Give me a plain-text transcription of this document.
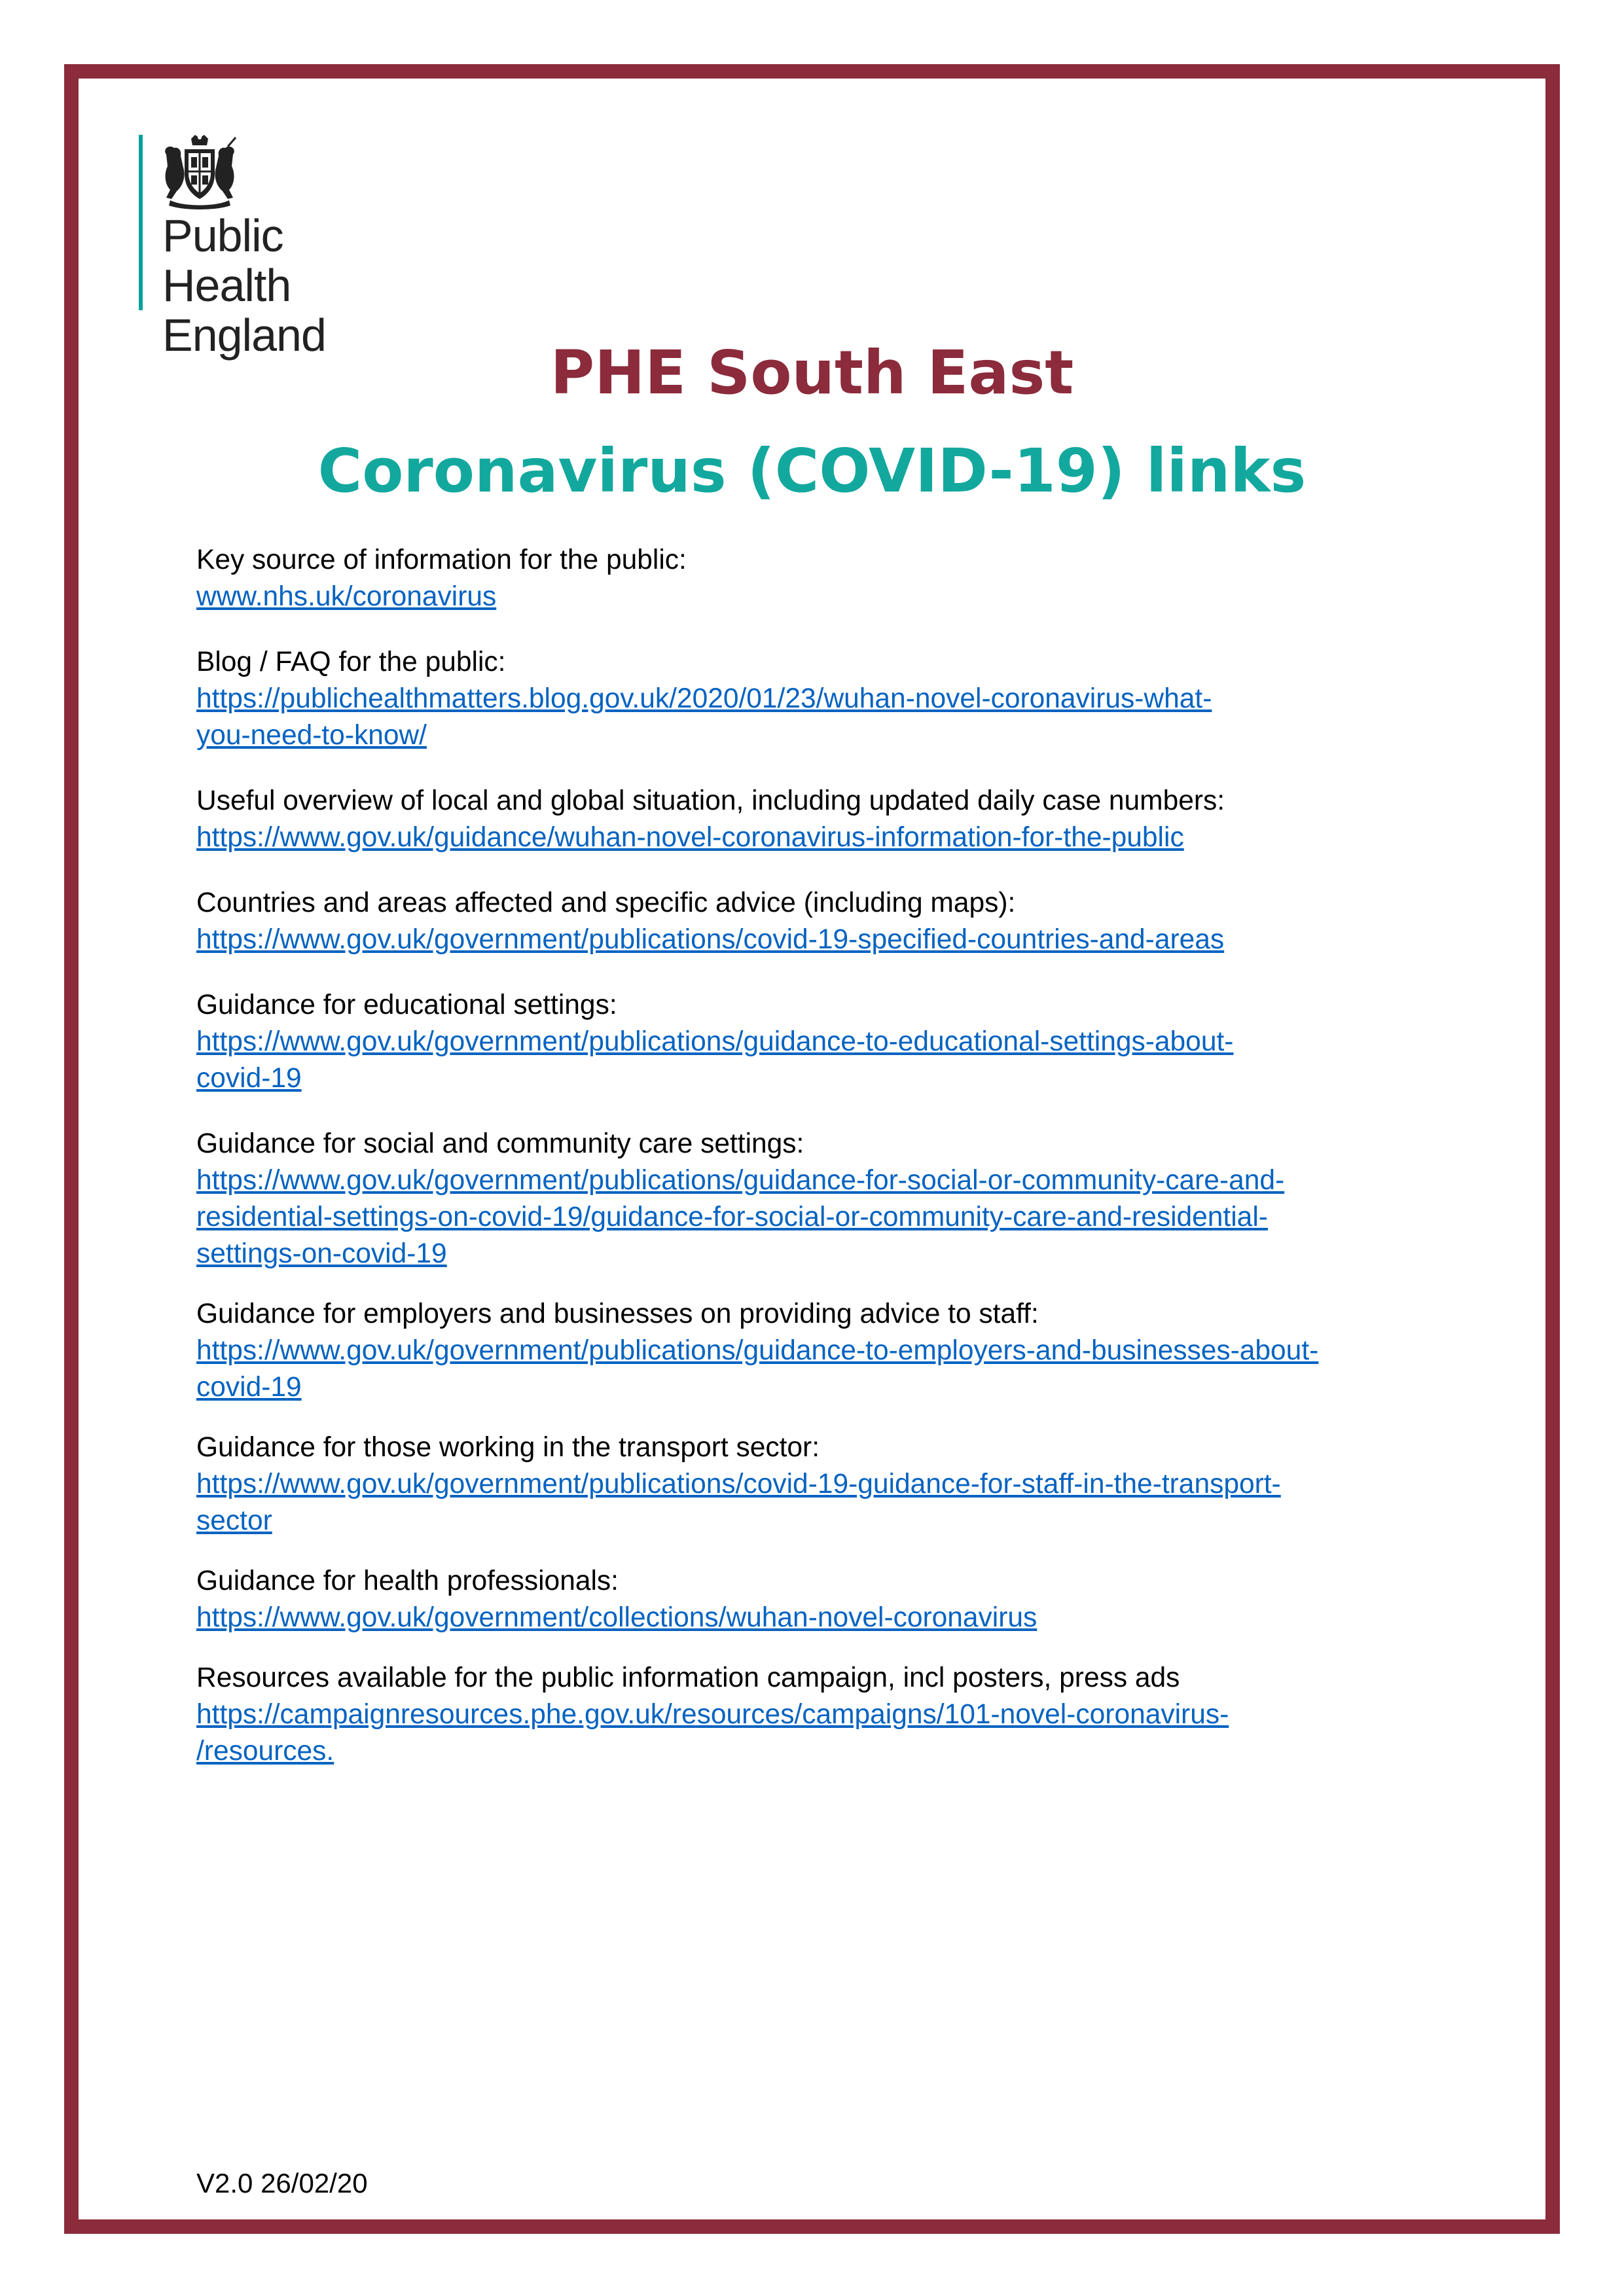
Public Health
England
PHE South East
Coronavirus (COVID-19) links
Key source of information for the public:
www.nhs.uk/coronavirus
Blog / FAQ for the public:
https://publichealthmatters.blog.gov.uk/2020/01/23/wuhan-novel-coronavirus-what-
you-need-to-know/
Useful overview of local and global situation, including updated daily case numbers:
https://www.gov.uk/guidance/wuhan-novel-coronavirus-information-for-the-public
Countries and areas affected and specific advice (including maps):
https://www.gov.uk/government/publications/covid-19-specified-countries-and-areas
Guidance for educational settings:
https://www.gov.uk/government/publications/guidance-to-educational-settings-about-
covid-19
Guidance for social and community care settings:
https://www.gov.uk/government/publications/guidance-for-social-or-community-care-and-
residential-settings-on-covid-19/guidance-for-social-or-community-care-and-residential-
settings-on-covid-19
Guidance for employers and businesses on providing advice to staff:
https://www.gov.uk/government/publications/guidance-to-employers-and-businesses-about-
covid-19
Guidance for those working in the transport sector:
https://www.gov.uk/government/publications/covid-19-guidance-for-staff-in-the-transport-
sector
Guidance for health professionals:
https://www.gov.uk/government/collections/wuhan-novel-coronavirus
Resources available for the public information campaign, incl posters, press ads
https://campaignresources.phe.gov.uk/resources/campaigns/101-novel-coronavirus-
/resources.
V2.0 26/02/20
